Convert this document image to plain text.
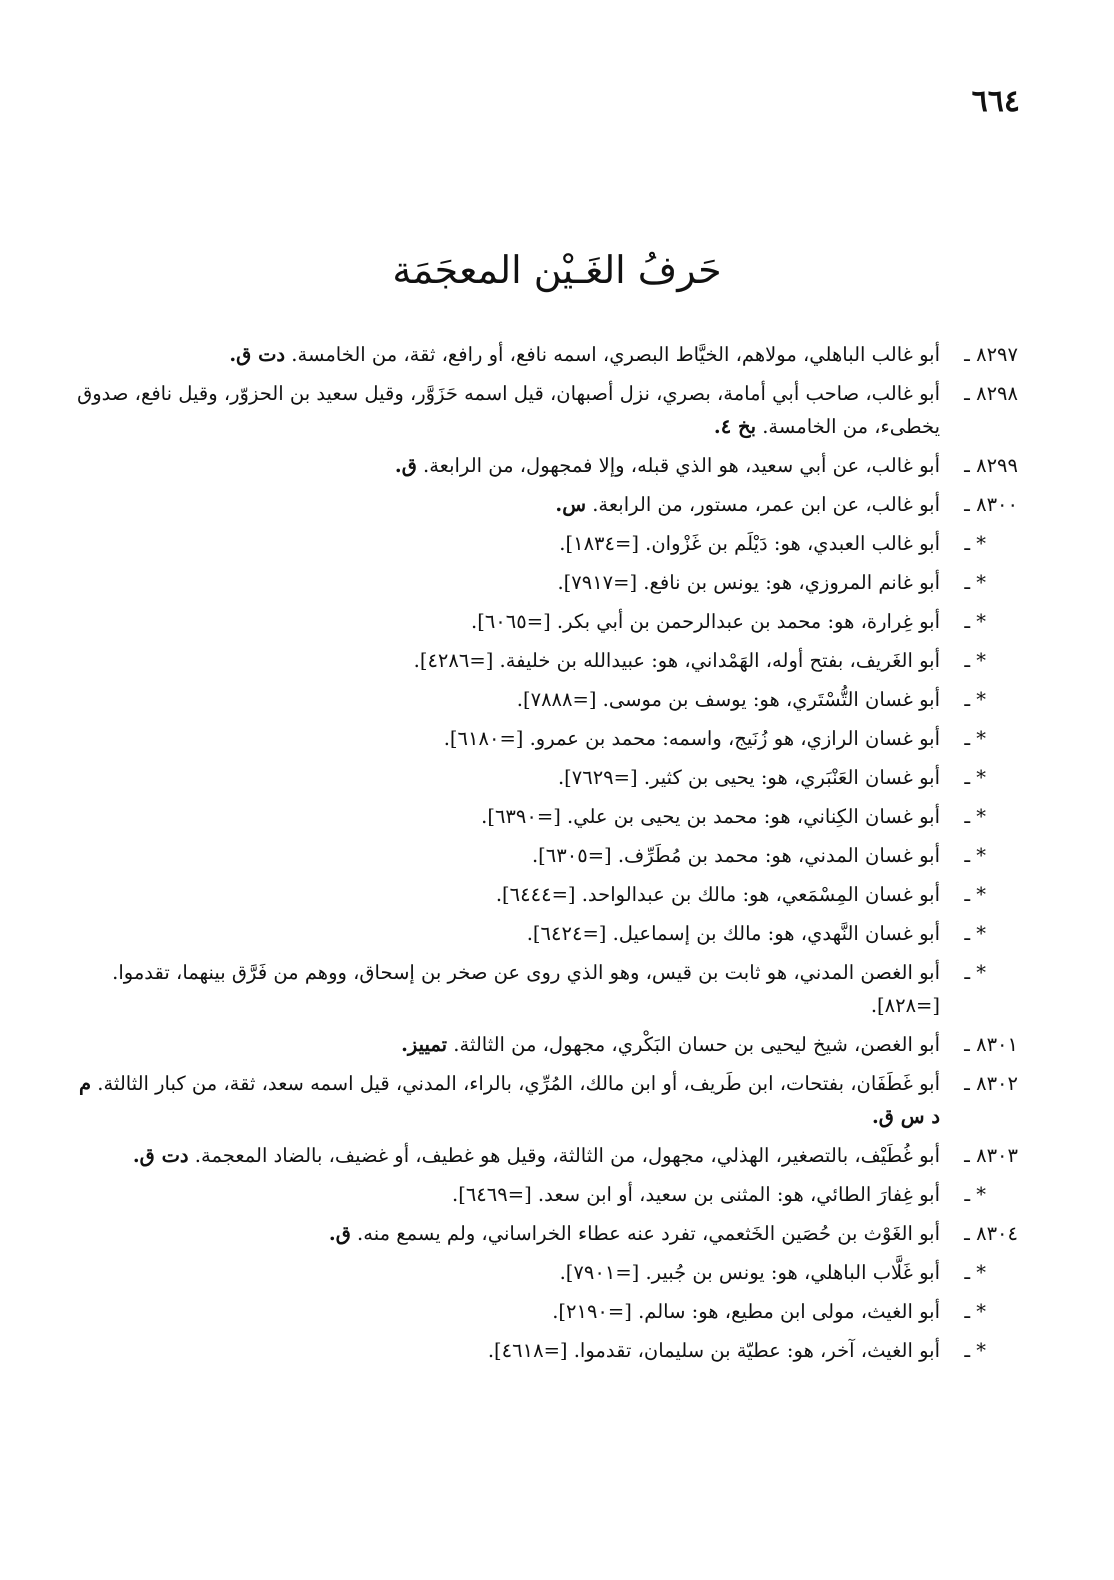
٦٦٤
حَرفُ الغَـيْن المعجَمَة
٨٢٩٧ ـ
أبو غالب الباهلي، مولاهم، الخيَّاط البصري، اسمه نافع، أو رافع، ثقة، من الخامسة. دت ق.
٨٢٩٨ ـ
أبو غالب، صاحب أبي أمامة، بصري، نزل أصبهان، قيل اسمه حَزَوَّر، وقيل سعيد بن الحزوّر، وقيل نافع، صدوق يخطىء، من الخامسة. بخ ٤.
٨٢٩٩ ـ
أبو غالب، عن أبي سعيد، هو الذي قبله، وإلا فمجهول، من الرابعة. ق.
٨٣٠٠ ـ
أبو غالب، عن ابن عمر، مستور، من الرابعة. س.
* ـ
أبو غالب العبدي، هو: دَيْلَم بن غَزْوان. [=١٨٣٤].
* ـ
أبو غانم المروزي، هو: يونس بن نافع. [=٧٩١٧].
* ـ
أبو غِرارة، هو: محمد بن عبدالرحمن بن أبي بكر. [=٦٠٦٥].
* ـ
أبو الغَريف، بفتح أوله، الهَمْداني، هو: عبيدالله بن خليفة. [=٤٢٨٦].
* ـ
أبو غسان التُّسْتَري، هو: يوسف بن موسى. [=٧٨٨٨].
* ـ
أبو غسان الرازي، هو زُنَيج، واسمه: محمد بن عمرو. [=٦١٨٠].
* ـ
أبو غسان العَنْبَري، هو: يحيى بن كثير. [=٧٦٢٩].
* ـ
أبو غسان الكِناني، هو: محمد بن يحيى بن علي. [=٦٣٩٠].
* ـ
أبو غسان المدني، هو: محمد بن مُطَرِّف. [=٦٣٠٥].
* ـ
أبو غسان المِسْمَعي، هو: مالك بن عبدالواحد. [=٦٤٤٤].
* ـ
أبو غسان النَّهدي، هو: مالك بن إسماعيل. [=٦٤٢٤].
* ـ
أبو الغصن المدني، هو ثابت بن قيس، وهو الذي روى عن صخر بن إسحاق، ووهم من فَرَّق بينهما، تقدموا. [=٨٢٨].
٨٣٠١ ـ
أبو الغصن، شيخ ليحيى بن حسان البَكْري، مجهول، من الثالثة. تمييز.
٨٣٠٢ ـ
أبو غَطَفَان، بفتحات، ابن طَريف، أو ابن مالك، المُرِّي، بالراء، المدني، قيل اسمه سعد، ثقة، من كبار الثالثة. م د س ق.
٨٣٠٣ ـ
أبو غُطَيْف، بالتصغير، الهذلي، مجهول، من الثالثة، وقيل هو غطيف، أو غضيف، بالضاد المعجمة. دت ق.
* ـ
أبو غِفارَ الطائي، هو: المثنى بن سعيد، أو ابن سعد. [=٦٤٦٩].
٨٣٠٤ ـ
أبو الغَوْث بن حُصَين الخَثعمي، تفرد عنه عطاء الخراساني، ولم يسمع منه. ق.
* ـ
أبو غَلَّاب الباهلي، هو: يونس بن جُبير. [=٧٩٠١].
* ـ
أبو الغيث، مولى ابن مطيع، هو: سالم. [=٢١٩٠].
* ـ
أبو الغيث، آخر، هو: عطيّة بن سليمان، تقدموا. [=٤٦١٨].
